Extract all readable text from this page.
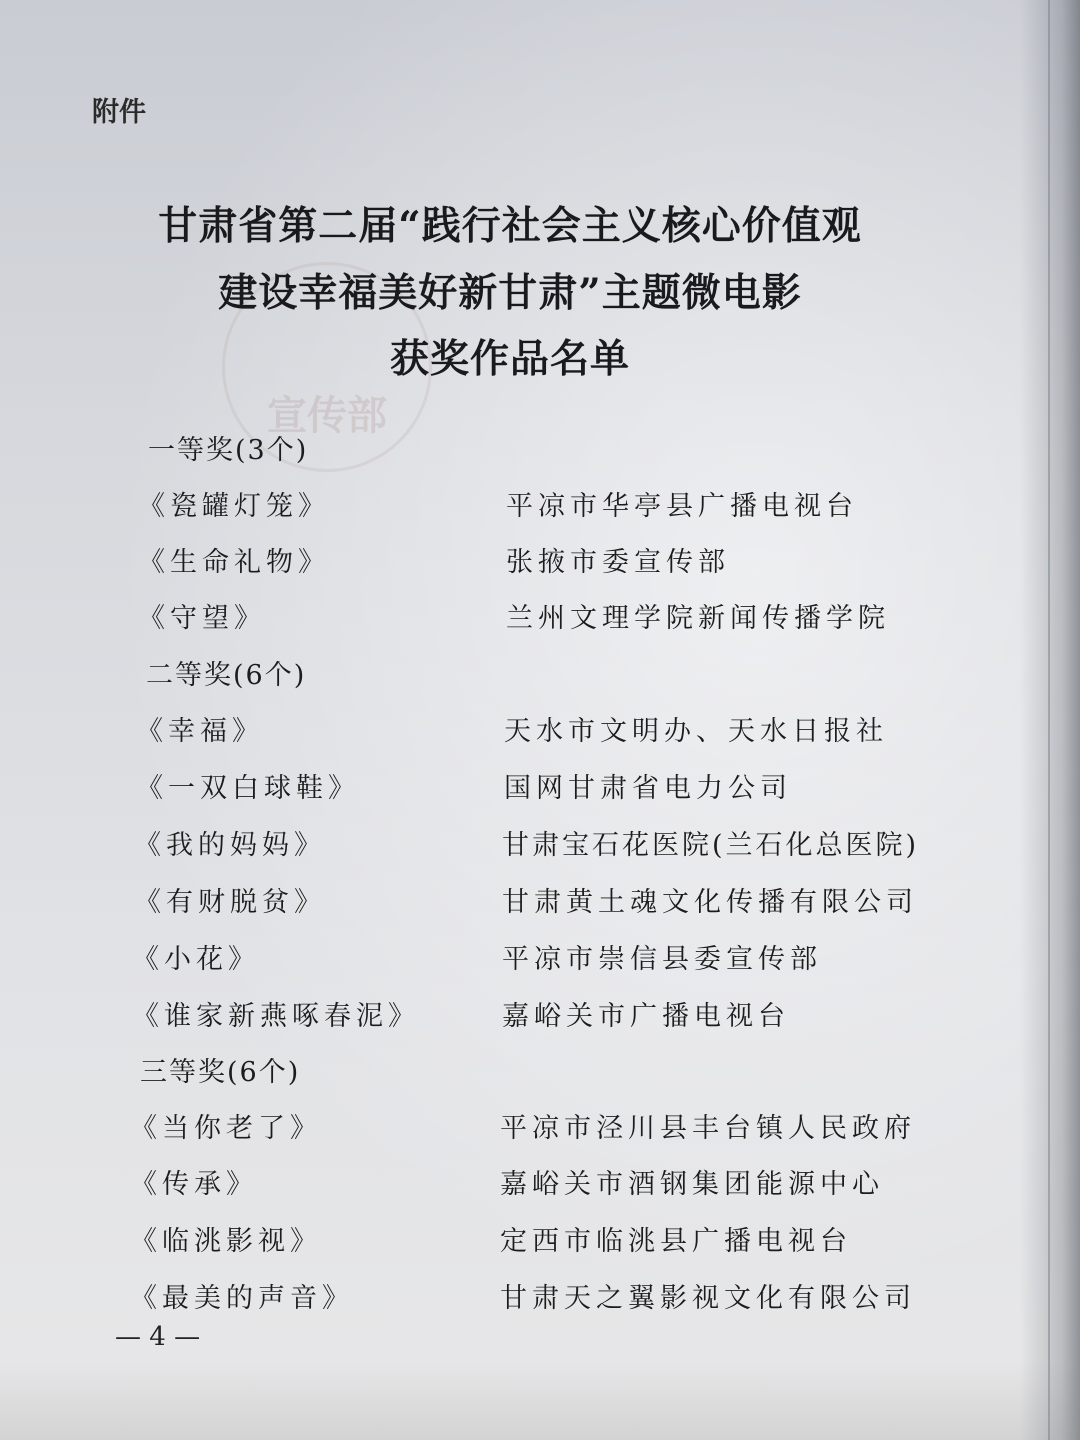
宣传部
附件
甘肃省第二届“践行社会主义核心价值观
建设幸福美好新甘肃”主题微电影
获奖作品名单
一等奖(3个)
《瓷罐灯笼》	平凉市华亭县广播电视台
《生命礼物》	张掖市委宣传部
《守望》	兰州文理学院新闻传播学院
二等奖(6个)
《幸福》	天水市文明办、天水日报社
《一双白球鞋》	国网甘肃省电力公司
《我的妈妈》	甘肃宝石花医院(兰石化总医院)
《有财脱贫》	甘肃黄土魂文化传播有限公司
《小花》	平凉市崇信县委宣传部
《谁家新燕啄春泥》	嘉峪关市广播电视台
三等奖(6个)
《当你老了》	平凉市泾川县丰台镇人民政府
《传承》	嘉峪关市酒钢集团能源中心
《临洮影视》	定西市临洮县广播电视台
《最美的声音》	甘肃天之翼影视文化有限公司
— 4 —
